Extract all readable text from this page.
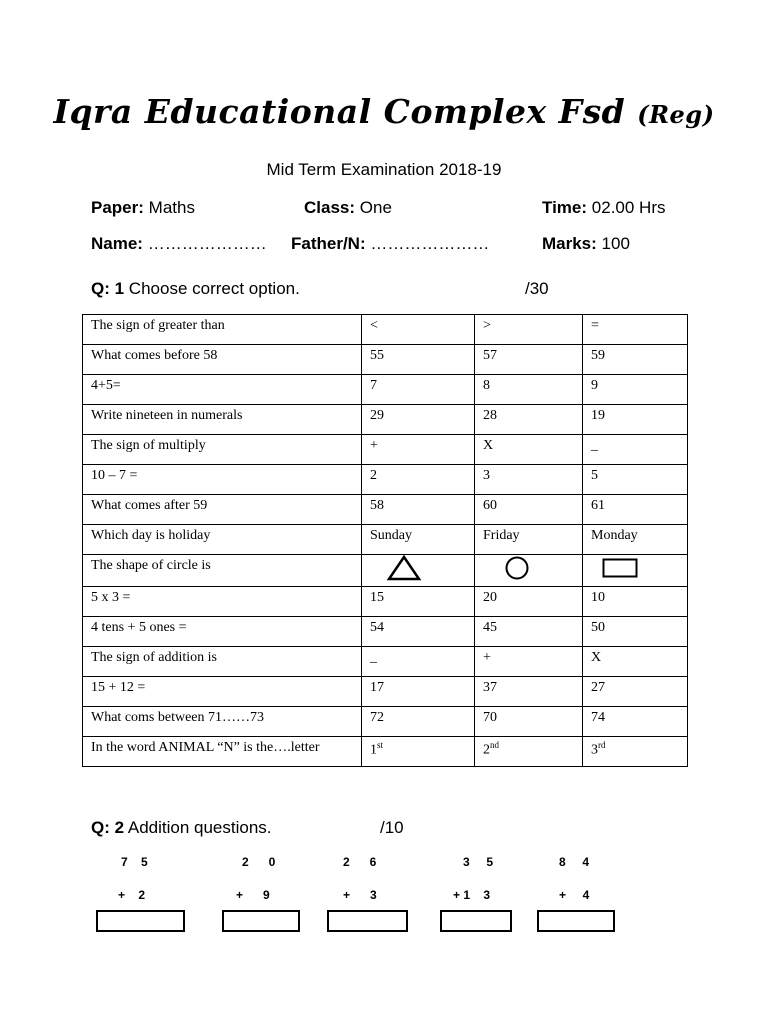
Iqra Educational Complex Fsd (Reg)
Mid Term Examination 2018-19
Paper: Maths	Class: One	Time: 02.00 Hrs
Name: ………………… Father/N: …………………	Marks: 100
Q: 1 Choose correct option.	/30
The sign of greater than	<	>	=
What comes before 58	55	57	59
4+5=	7	8	9
Write nineteen in numerals	29	28	19
The sign of multiply	+	X	_
10 – 7 =	2	3	5
What comes after 59	58	60	61
Which day is holiday	Sunday	Friday	Monday
The shape of circle is			
5 x 3 =	15	20	10
4 tens + 5 ones =	54	45	50
The sign of addition is	_	+	X
15 + 12 =	17	37	27
What coms between 71……73	72	70	74
In the word ANIMAL “N” is the….letter	1st	2nd	3rd
Q: 2 Addition questions.	/10
7    5
+    2
2      0
+      9
2      6
+      3
3     5
+ 1    3
8     4
+     4
